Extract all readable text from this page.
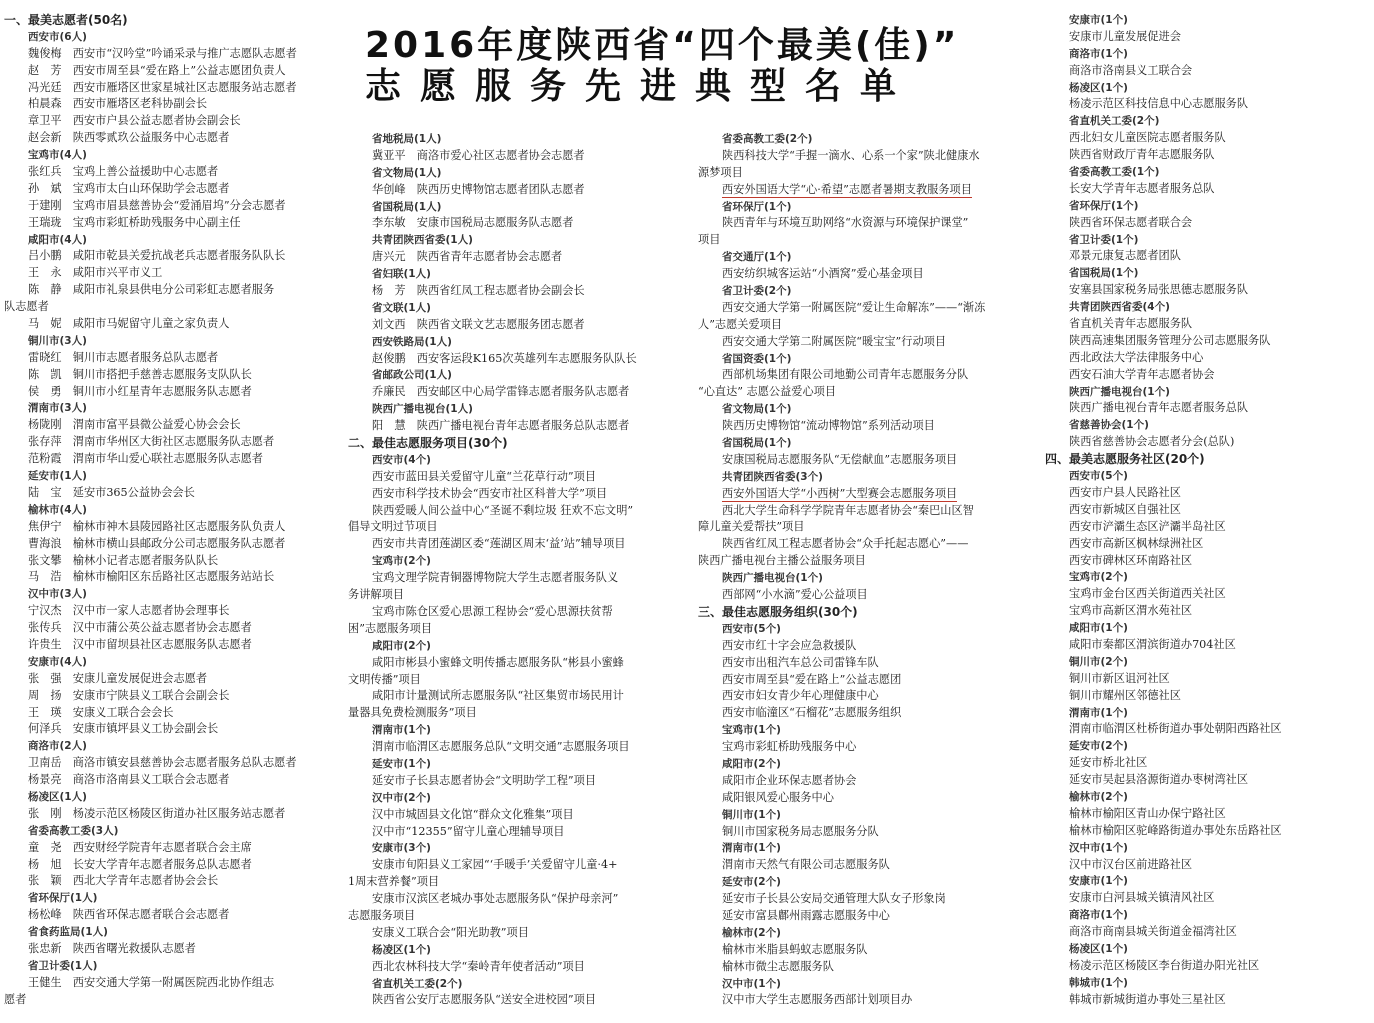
2016年度陕西省“四个最美(佳)”
志愿服务先进典型名单
一、最美志愿者(50名)
西安市(6人)
魏俊梅　西安市“汉吟堂”吟诵采录与推广志愿队志愿者
赵　芳　西安市周至县“爱在路上”公益志愿团负责人
冯光廷　西安市雁塔区世家星城社区志愿服务站志愿者
柏晨森　西安市雁塔区老科协副会长
章卫平　西安市户县公益志愿者协会副会长
赵会新　陕西零贰玖公益服务中心志愿者
宝鸡市(4人)
张红兵　宝鸡上善公益援助中心志愿者
孙　斌　宝鸡市太白山环保助学会志愿者
于建刚　宝鸡市眉县慈善协会“爱涌眉坞”分会志愿者
王瑞珑　宝鸡市彩虹桥助残服务中心副主任
咸阳市(4人)
吕小鹏　咸阳市乾县关爱抗战老兵志愿者服务队队长
王　永　咸阳市兴平市义工
陈　静　咸阳市礼泉县供电分公司彩虹志愿者服务
队志愿者
马　妮　咸阳市马妮留守儿童之家负责人
铜川市(3人)
雷晓红　铜川市志愿者服务总队志愿者
陈　凯　铜川市搭把手慈善志愿服务支队队长
侯　勇　铜川市小红星青年志愿服务队志愿者
渭南市(3人)
杨陇刚　渭南市富平县微公益爱心协会会长
张存萍　渭南市华州区大街社区志愿服务队志愿者
范粉霞　渭南市华山爱心联社志愿服务队志愿者
延安市(1人)
陆　宝　延安市365公益协会会长
榆林市(4人)
焦伊宁　榆林市神木县陵园路社区志愿服务队负责人
曹海浪　榆林市横山县邮政分公司志愿服务队志愿者
张文攀　榆林小记者志愿者服务队队长
马　浩　榆林市榆阳区东岳路社区志愿服务站站长
汉中市(3人)
宁汉杰　汉中市一家人志愿者协会理事长
张传兵　汉中市蒲公英公益志愿者协会志愿者
许贵生　汉中市留坝县社区志愿服务队志愿者
安康市(4人)
张　强　安康儿童发展促进会志愿者
周　扬　安康市宁陕县义工联合会副会长
王　瑛　安康义工联合会会长
何泽兵　安康市镇坪县义工协会副会长
商洛市(2人)
卫南岳　商洛市镇安县慈善协会志愿者服务总队志愿者
杨景亮　商洛市洛南县义工联合会志愿者
杨凌区(1人)
张　刚　杨凌示范区杨陵区街道办社区服务站志愿者
省委高教工委(3人)
童　尧　西安财经学院青年志愿者联合会主席
杨　旭　长安大学青年志愿者服务总队志愿者
张　颖　西北大学青年志愿者协会会长
省环保厅(1人)
杨松峰　陕西省环保志愿者联合会志愿者
省食药监局(1人)
张忠新　陕西省曙光救援队志愿者
省卫计委(1人)
王健生　西安交通大学第一附属医院西北协作组志
愿者
省地税局(1人)
冀亚平　商洛市爱心社区志愿者协会志愿者
省文物局(1人)
华创峰　陕西历史博物馆志愿者团队志愿者
省国税局(1人)
李东敏　安康市国税局志愿服务队志愿者
共青团陕西省委(1人)
唐兴元　陕西省青年志愿者协会志愿者
省妇联(1人)
杨　芳　陕西省红凤工程志愿者协会副会长
省文联(1人)
刘文西　陕西省文联文艺志愿服务团志愿者
西安铁路局(1人)
赵俊鹏　西安客运段K165次英雄列车志愿服务队队长
省邮政公司(1人)
乔廉民　西安邮区中心局学雷锋志愿者服务队志愿者
陕西广播电视台(1人)
阳　慧　陕西广播电视台青年志愿者服务总队志愿者
二、最佳志愿服务项目(30个)
西安市(4个)
西安市蓝田县关爱留守儿童“兰花草行动”项目
西安市科学技术协会“西安市社区科普大学”项目
陕西爱暖人间公益中心“圣诞不剩垃圾 狂欢不忘文明”
倡导文明过节项目
西安市共青团莲湖区委“莲湖区周末‘益’站”辅导项目
宝鸡市(2个)
宝鸡文理学院青铜器博物院大学生志愿者服务队义
务讲解项目
宝鸡市陈仓区爱心思源工程协会“爱心思源扶贫帮
困”志愿服务项目
咸阳市(2个)
咸阳市彬县小蜜蜂文明传播志愿服务队“彬县小蜜蜂
文明传播”项目
咸阳市计量测试所志愿服务队“社区集贸市场民用计
量器具免费检测服务”项目
渭南市(1个)
渭南市临渭区志愿服务总队“文明交通”志愿服务项目
延安市(1个)
延安市子长县志愿者协会“文明助学工程”项目
汉中市(2个)
汉中市城固县文化馆“群众文化雅集”项目
汉中市“12355”留守儿童心理辅导项目
安康市(3个)
安康市旬阳县义工家园“‘手暖手’关爱留守儿童·4+
1周末营养餐”项目
安康市汉滨区老城办事处志愿服务队“保护母亲河”
志愿服务项目
安康义工联合会“阳光助教”项目
杨凌区(1个)
西北农林科技大学“秦岭青年使者活动”项目
省直机关工委(2个)
陕西省公安厅志愿服务队“送安全进校园”项目
省委高教工委(2个)
陕西科技大学“手握一滴水、心系一个家”陕北健康水
源梦项目
西安外国语大学“心·希望”志愿者暑期支教服务项目
省环保厅(1个)
陕西青年与环境互助网络“水资源与环境保护课堂”
项目
省交通厅(1个)
西安纺织城客运站“小酒窝”爱心基金项目
省卫计委(2个)
西安交通大学第一附属医院“爱让生命解冻”——“渐冻
人”志愿关爱项目
西安交通大学第二附属医院“暖宝宝”行动项目
省国资委(1个)
西部机场集团有限公司地勤公司青年志愿服务分队
“心直达” 志愿公益爱心项目
省文物局(1个)
陕西历史博物馆“流动博物馆”系列活动项目
省国税局(1个)
安康国税局志愿服务队“无偿献血”志愿服务项目
共青团陕西省委(3个)
西安外国语大学“小西树”大型赛会志愿服务项目
西北大学生命科学学院青年志愿者协会“秦巴山区智
障儿童关爱帮扶”项目
陕西省红凤工程志愿者协会“众手托起志愿心”——
陕西广播电视台主播公益服务项目
陕西广播电视台(1个)
西部网“小水滴”爱心公益项目
三、最佳志愿服务组织(30个)
西安市(5个)
西安市红十字会应急救援队
西安市出租汽车总公司雷锋车队
西安市周至县“爱在路上”公益志愿团
西安市妇女青少年心理健康中心
西安市临潼区“石榴花”志愿服务组织
宝鸡市(1个)
宝鸡市彩虹桥助残服务中心
咸阳市(2个)
咸阳市企业环保志愿者协会
咸阳银风爱心服务中心
铜川市(1个)
铜川市国家税务局志愿服务分队
渭南市(1个)
渭南市天然气有限公司志愿服务队
延安市(2个)
延安市子长县公安局交通管理大队女子形象岗
延安市富县鄜州雨露志愿服务中心
榆林市(2个)
榆林市米脂县蚂蚁志愿服务队
榆林市微尘志愿服务队
汉中市(1个)
汉中市大学生志愿服务西部计划项目办
安康市(1个)
安康市儿童发展促进会
商洛市(1个)
商洛市洛南县义工联合会
杨凌区(1个)
杨凌示范区科技信息中心志愿服务队
省直机关工委(2个)
西北妇女儿童医院志愿者服务队
陕西省财政厅青年志愿服务队
省委高教工委(1个)
长安大学青年志愿者服务总队
省环保厅(1个)
陕西省环保志愿者联合会
省卫计委(1个)
邓景元康复志愿者团队
省国税局(1个)
安塞县国家税务局张思德志愿服务队
共青团陕西省委(4个)
省直机关青年志愿服务队
陕西高速集团服务管理分公司志愿服务队
西北政法大学法律服务中心
西安石油大学青年志愿者协会
陕西广播电视台(1个)
陕西广播电视台青年志愿者服务总队
省慈善协会(1个)
陕西省慈善协会志愿者分会(总队)
四、最美志愿服务社区(20个)
西安市(5个)
西安市户县人民路社区
西安市新城区自强社区
西安市浐灞生态区浐灞半岛社区
西安市高新区枫林绿洲社区
西安市碑林区环南路社区
宝鸡市(2个)
宝鸡市金台区西关街道西关社区
宝鸡市高新区渭水苑社区
咸阳市(1个)
咸阳市秦都区渭滨街道办704社区
铜川市(2个)
铜川市新区诅河社区
铜川市耀州区邻德社区
渭南市(1个)
渭南市临渭区杜桥街道办事处朝阳西路社区
延安市(2个)
延安市桥北社区
延安市吴起县洛源街道办枣树湾社区
榆林市(2个)
榆林市榆阳区青山办保宁路社区
榆林市榆阳区驼峰路街道办事处东岳路社区
汉中市(1个)
汉中市汉台区前进路社区
安康市(1个)
安康市白河县城关镇清风社区
商洛市(1个)
商洛市商南县城关街道金福湾社区
杨凌区(1个)
杨凌示范区杨陵区李台街道办阳光社区
韩城市(1个)
韩城市新城街道办事处三星社区
